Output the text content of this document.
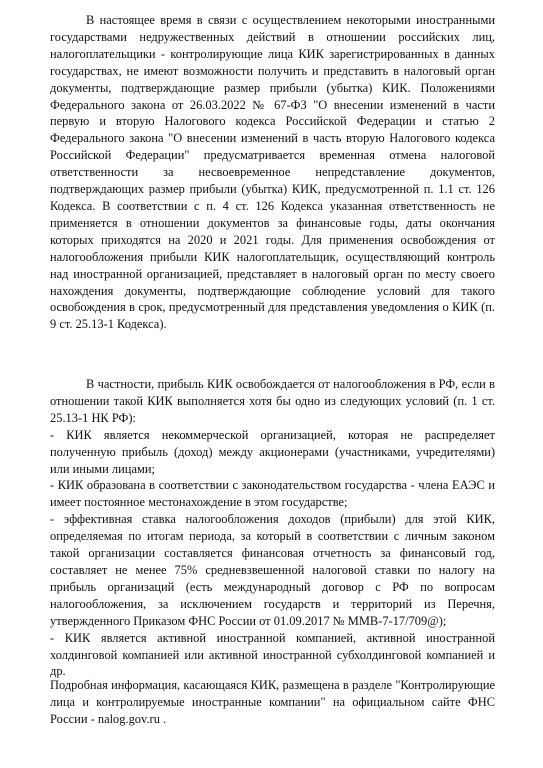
В настоящее время в связи с осуществлением некоторыми иностранными государствами недружественных действий в отношении российских лиц, налогоплательщики - контролирующие лица КИК зарегистрированных в данных государствах, не имеют возможности получить и представить в налоговый орган документы, подтверждающие размер прибыли (убытка) КИК. Положениями Федерального закона от 26.03.2022 № 67-ФЗ "О внесении изменений в части первую и вторую Налогового кодекса Российской Федерации и статью 2 Федерального закона "О внесении изменений в часть вторую Налогового кодекса Российской Федерации" предусматривается временная отмена налоговой ответственности за несвоевременное непредставление документов, подтверждающих размер прибыли (убытка) КИК, предусмотренной п. 1.1 ст. 126 Кодекса. В соответствии с п. 4 ст. 126 Кодекса указанная ответственность не применяется в отношении документов за финансовые годы, даты окончания которых приходятся на 2020 и 2021 годы. Для применения освобождения от налогообложения прибыли КИК налогоплательщик, осуществляющий контроль над иностранной организацией, представляет в налоговый орган по месту своего нахождения документы, подтверждающие соблюдение условий для такого освобождения в срок, предусмотренный для представления уведомления о КИК (п. 9 ст. 25.13-1 Кодекса).

В частности, прибыль КИК освобождается от налогообложения в РФ, если в отношении такой КИК выполняется хотя бы одно из следующих условий (п. 1 ст. 25.13-1 НК РФ):
- КИК является некоммерческой организацией, которая не распределяет полученную прибыль (доход) между акционерами (участниками, учредителями) или иными лицами;
- КИК образована в соответствии с законодательством государства - члена ЕАЭС и имеет постоянное местонахождение в этом государстве;
- эффективная ставка налогообложения доходов (прибыли) для этой КИК, определяемая по итогам периода, за который в соответствии с личным законом такой организации составляется финансовая отчетность за финансовый год, составляет не менее 75% средневзвешенной налоговой ставки по налогу на прибыль организаций (есть международный договор с РФ по вопросам налогообложения, за исключением государств и территорий из Перечня, утвержденного Приказом ФНС России от 01.09.2017 № ММВ-7-17/709@);
- КИК является активной иностранной компанией, активной иностранной холдинговой компанией или активной иностранной субхолдинговой компанией и др.

Подробная информация, касающаяся КИК, размещена в разделе "Контролирующие лица и контролируемые иностранные компании" на официальном сайте ФНС России - nalog.gov.ru .
